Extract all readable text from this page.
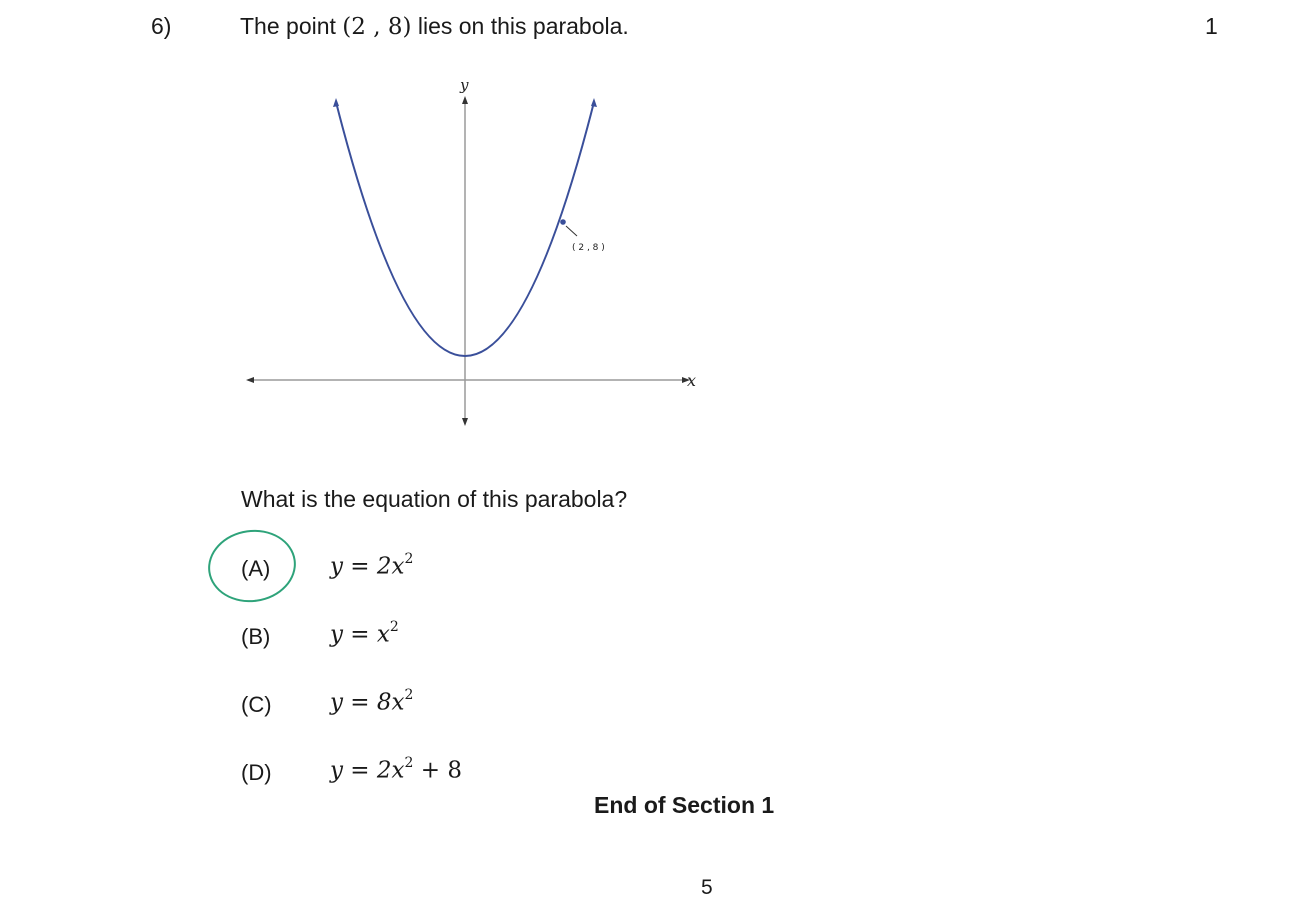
6)	The point (2 , 8) lies on this parabola.	1
x
y
( 2 , 8 )
What is the equation of this parabola?
(A)	$y = 2x^2$
(B)	$y = x^2$
(C)	$y = 8x^2$
(D)	$y = 2x^2 + 8$
End of Section 1
5
